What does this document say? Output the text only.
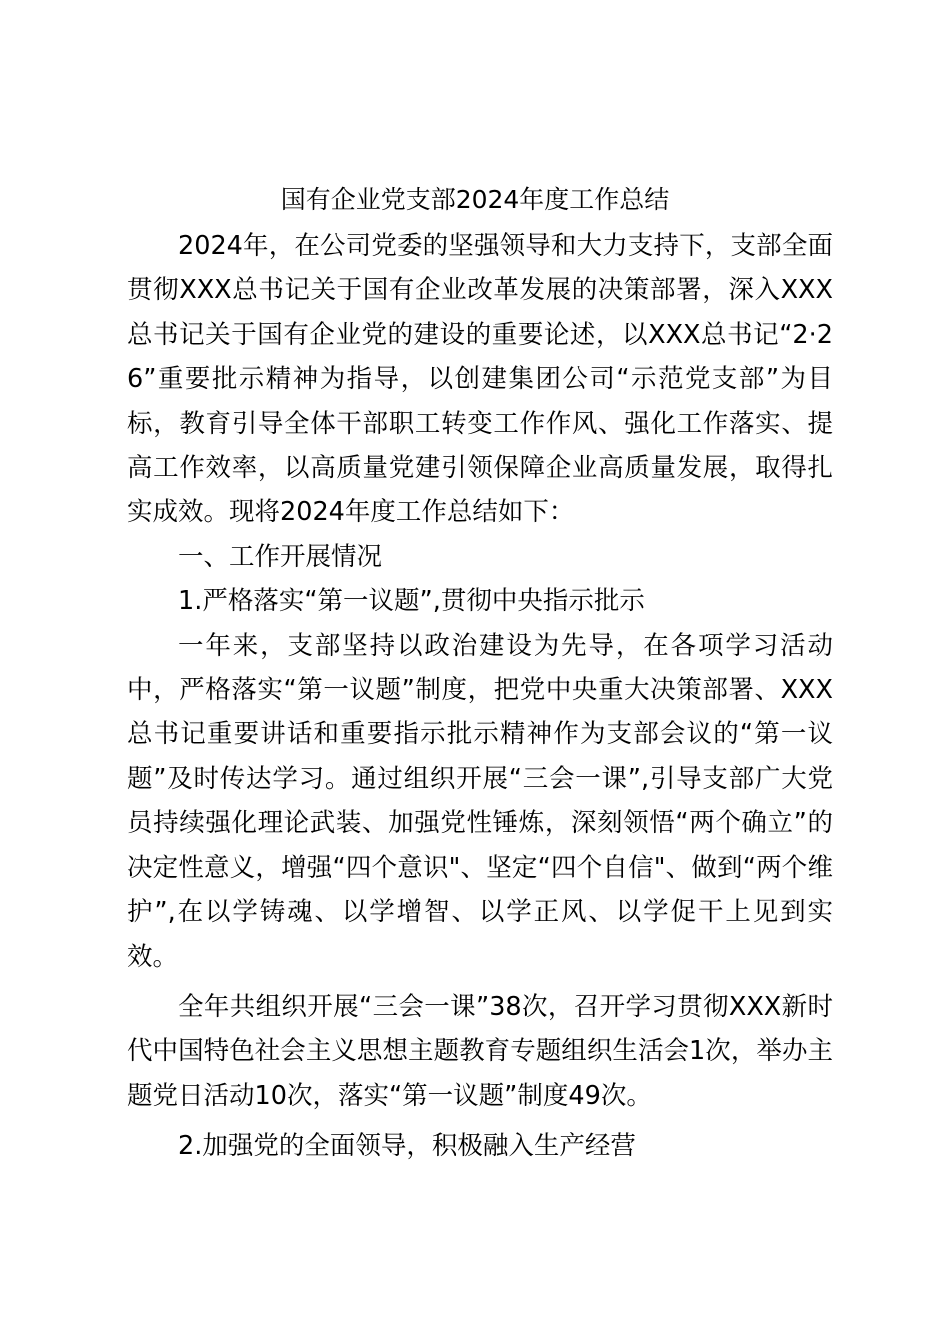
国有企业党支部2024年度工作总结

2024年，在公司党委的坚强领导和大力支持下，支部全面贯彻XXX总书记关于国有企业改革发展的决策部署，深入XXX总书记关于国有企业党的建设的重要论述，以XXX总书记“2·26”重要批示精神为指导，以创建集团公司“示范党支部”为目标，教育引导全体干部职工转变工作作风、强化工作落实、提高工作效率，以高质量党建引领保障企业高质量发展，取得扎实成效。现将2024年度工作总结如下：

一、工作开展情况

1.严格落实“第一议题”,贯彻中央指示批示

一年来，支部坚持以政治建设为先导，在各项学习活动中，严格落实“第一议题”制度，把党中央重大决策部署、XXX总书记重要讲话和重要指示批示精神作为支部会议的“第一议题”及时传达学习。通过组织开展“三会一课”,引导支部广大党员持续强化理论武装、加强党性锤炼，深刻领悟“两个确立”的决定性意义，增强“四个意识"、坚定“四个自信"、做到“两个维护”,在以学铸魂、以学增智、以学正风、以学促干上见到实效。

全年共组织开展“三会一课”38次，召开学习贯彻XXX新时代中国特色社会主义思想主题教育专题组织生活会1次，举办主题党日活动10次，落实“第一议题”制度49次。

2.加强党的全面领导，积极融入生产经营
